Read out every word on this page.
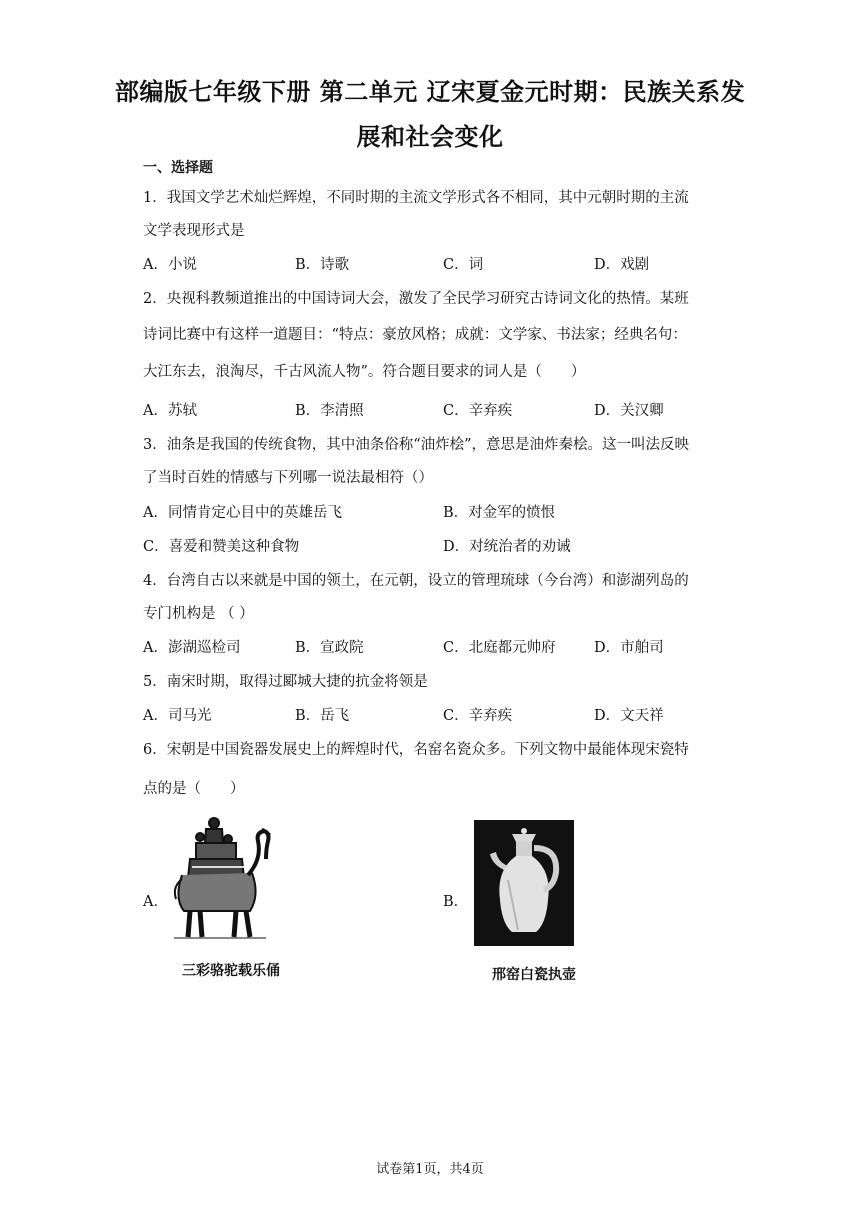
部编版七年级下册 第二单元 辽宋夏金元时期：民族关系发
展和社会变化
一、选择题
1．我国文学艺术灿烂辉煌，不同时期的主流文学形式各不相同，其中元朝时期的主流
文学表现形式是
A．小说	B．诗歌	C．词	D．戏剧
2．央视科教频道推出的中国诗词大会，激发了全民学习研究古诗词文化的热情。某班
诗词比赛中有这样一道题目：“特点：豪放风格；成就：文学家、书法家；经典名句：
大江东去，浪淘尽，千古风流人物”。符合题目要求的词人是（　　）
A．苏轼	B．李清照	C．辛弃疾	D．关汉卿
3．油条是我国的传统食物，其中油条俗称“油炸桧”，意思是油炸秦桧。这一叫法反映
了当时百姓的情感与下列哪一说法最相符（）
A．同情肯定心目中的英雄岳飞	B．对金军的愤恨
C．喜爱和赞美这种食物	D．对统治者的劝诫
4．台湾自古以来就是中国的领土，在元朝，设立的管理琉球（今台湾）和澎湖列岛的
专门机构是 （ ）
A．澎湖巡检司	B．宣政院	C．北庭都元帅府	D．市舶司
5．南宋时期，取得过郾城大捷的抗金将领是
A．司马光	B．岳飞	C．辛弃疾	D．文天祥
6．宋朝是中国瓷器发展史上的辉煌时代，名窑名瓷众多。下列文物中最能体现宋瓷特
点的是（　　）
A．
三彩骆驼载乐俑
B．
邢窑白瓷执壶
试卷第1页，共4页
